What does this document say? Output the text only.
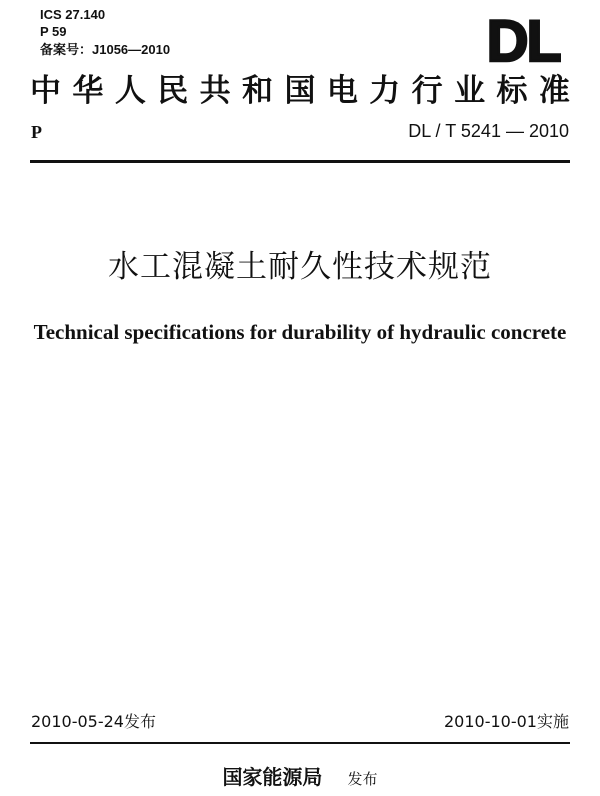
ICS 27.140
P 59
备案号：J1056—2010	DL
中 华 人 民 共 和 国 电 力 行 业 标 准
P	DL / T 5241 — 2010
水工混凝土耐久性技术规范
Technical specifications for durability of hydraulic concrete
2010-05-24发布	2010-10-01实施
国家能源局 发布
